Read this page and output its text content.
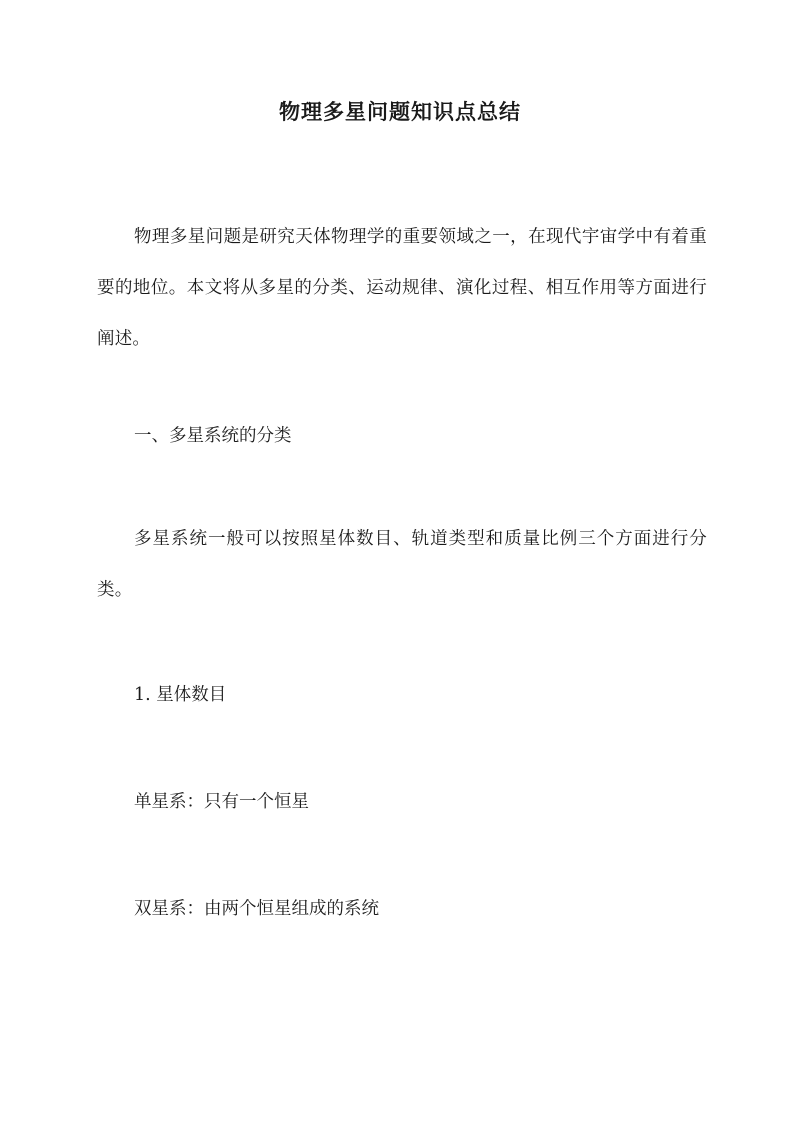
物理多星问题知识点总结
物理多星问题是研究天体物理学的重要领域之一，在现代宇宙学中有着重要的地位。本文将从多星的分类、运动规律、演化过程、相互作用等方面进行阐述。
一、多星系统的分类
多星系统一般可以按照星体数目、轨道类型和质量比例三个方面进行分类。
1. 星体数目
单星系：只有一个恒星
双星系：由两个恒星组成的系统
